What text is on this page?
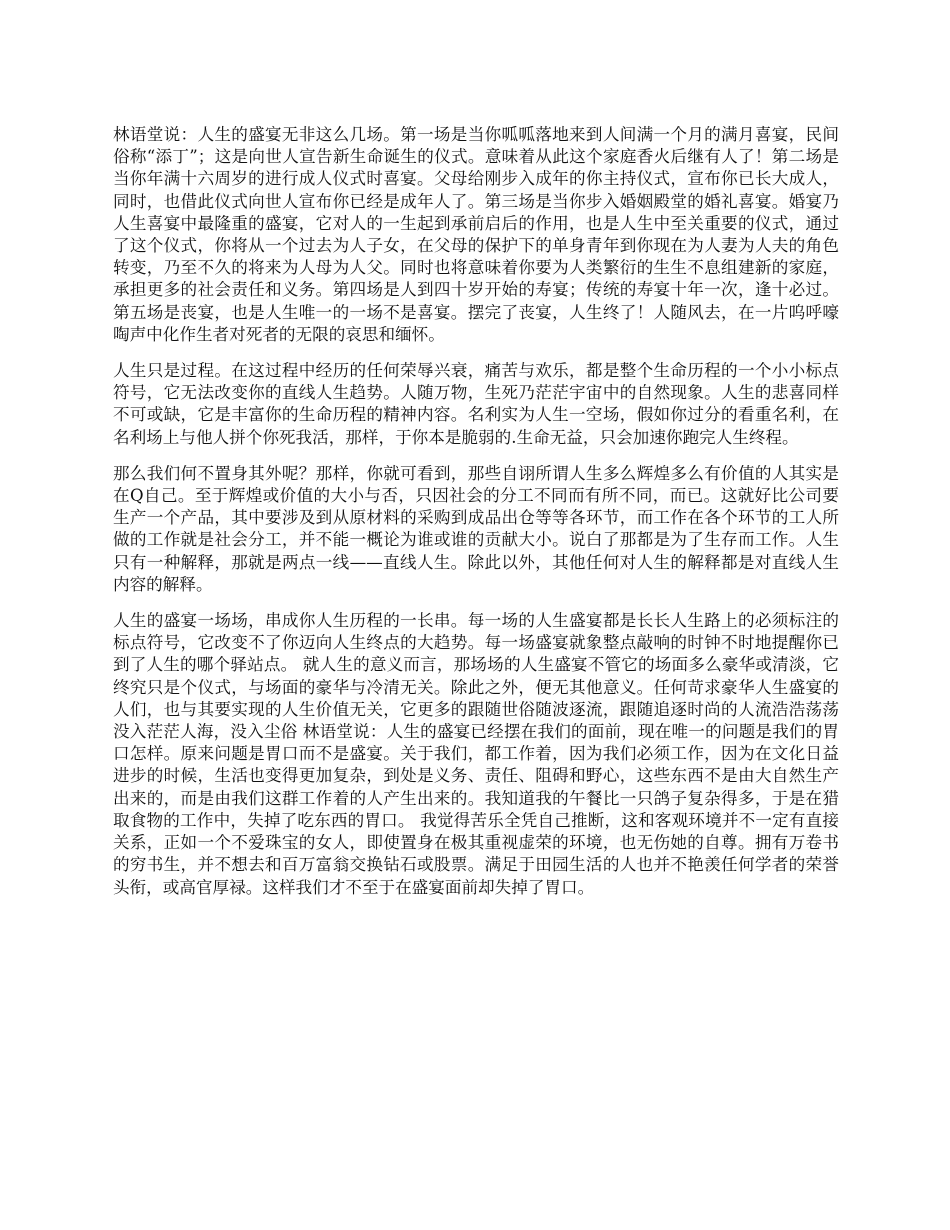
林语堂说：人生的盛宴无非这么几场。第一场是当你呱呱落地来到人间满一个月的满月喜宴，民间俗称“添丁”；这是向世人宣告新生命诞生的仪式。意味着从此这个家庭香火后继有人了！第二场是当你年满十六周岁的进行成人仪式时喜宴。父母给刚步入成年的你主持仪式，宣布你已长大成人，同时，也借此仪式向世人宣布你已经是成年人了。第三场是当你步入婚姻殿堂的婚礼喜宴。婚宴乃人生喜宴中最隆重的盛宴，它对人的一生起到承前启后的作用，也是人生中至关重要的仪式，通过了这个仪式，你将从一个过去为人子女，在父母的保护下的单身青年到你现在为人妻为人夫的角色转变，乃至不久的将来为人母为人父。同时也将意味着你要为人类繁衍的生生不息组建新的家庭，承担更多的社会责任和义务。第四场是人到四十岁开始的寿宴；传统的寿宴十年一次，逢十必过。第五场是丧宴，也是人生唯一的一场不是喜宴。摆完了丧宴，人生终了！人随风去，在一片呜呼嚎啕声中化作生者对死者的无限的哀思和缅怀。

人生只是过程。在这过程中经历的任何荣辱兴衰，痛苦与欢乐，都是整个生命历程的一个小小标点符号，它无法改变你的直线人生趋势。人随万物，生死乃茫茫宇宙中的自然现象。人生的悲喜同样不可或缺，它是丰富你的生命历程的精神内容。名利实为人生一空场，假如你过分的看重名利，在名利场上与他人拼个你死我活，那样，于你本是脆弱的.生命无益，只会加速你跑完人生终程。

那么我们何不置身其外呢？那样，你就可看到，那些自诩所谓人生多么辉煌多么有价值的人其实是在Q自己。至于辉煌或价值的大小与否，只因社会的分工不同而有所不同，而已。这就好比公司要生产一个产品，其中要涉及到从原材料的采购到成品出仓等等各环节，而工作在各个环节的工人所做的工作就是社会分工，并不能一概论为谁或谁的贡献大小。说白了那都是为了生存而工作。人生只有一种解释，那就是两点一线——直线人生。除此以外，其他任何对人生的解释都是对直线人生内容的解释。

人生的盛宴一场场，串成你人生历程的一长串。每一场的人生盛宴都是长长人生路上的必须标注的标点符号，它改变不了你迈向人生终点的大趋势。每一场盛宴就象整点敲响的时钟不时地提醒你已到了人生的哪个驿站点。 就人生的意义而言，那场场的人生盛宴不管它的场面多么豪华或清淡，它终究只是个仪式，与场面的豪华与冷清无关。除此之外，便无其他意义。任何苛求豪华人生盛宴的人们，也与其要实现的人生价值无关，它更多的跟随世俗随波逐流，跟随追逐时尚的人流浩浩荡荡没入茫茫人海，没入尘俗 林语堂说：人生的盛宴已经摆在我们的面前，现在唯一的问题是我们的胃口怎样。原来问题是胃口而不是盛宴。关于我们，都工作着，因为我们必须工作，因为在文化日益进步的时候，生活也变得更加复杂，到处是义务、责任、阻碍和野心，这些东西不是由大自然生产出来的，而是由我们这群工作着的人产生出来的。我知道我的午餐比一只鸽子复杂得多，于是在猎取食物的工作中，失掉了吃东西的胃口。 我觉得苦乐全凭自己推断，这和客观环境并不一定有直接关系，正如一个不爱珠宝的女人，即使置身在极其重视虚荣的环境，也无伤她的自尊。拥有万卷书的穷书生，并不想去和百万富翁交换钻石或股票。满足于田园生活的人也并不艳羡任何学者的荣誉头衔，或高官厚禄。这样我们才不至于在盛宴面前却失掉了胃口。
